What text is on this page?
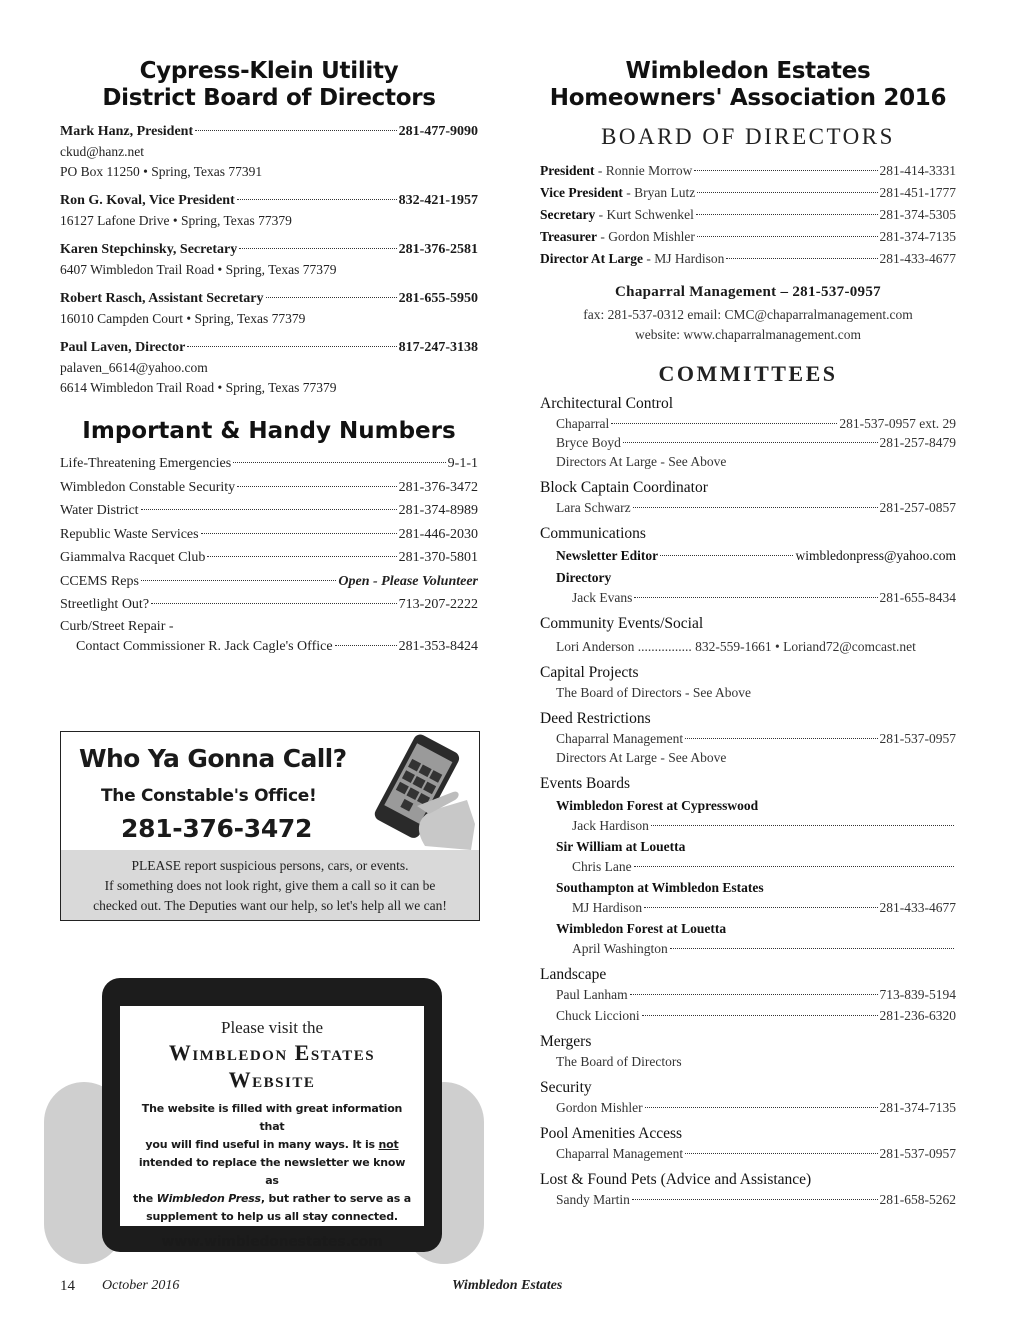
Cypress-Klein Utility
District Board of Directors
Mark Hanz, President	281-477-9090
ckud@hanz.net
PO Box 11250 • Spring, Texas 77391
Ron G. Koval, Vice President	832-421-1957
16127 Lafone Drive • Spring, Texas 77379
Karen Stepchinsky, Secretary	281-376-2581
6407 Wimbledon Trail Road • Spring, Texas 77379
Robert Rasch, Assistant Secretary	281-655-5950
16010 Campden Court • Spring, Texas 77379
Paul Laven, Director	817-247-3138
palaven_6614@yahoo.com
6614 Wimbledon Trail Road • Spring, Texas 77379
Important & Handy Numbers
Life-Threatening Emergencies	9-1-1
Wimbledon Constable Security	281-376-3472
Water District	281-374-8989
Republic Waste Services	281-446-2030
Giammalva Racquet Club	281-370-5801
CCEMS Reps	Open - Please Volunteer
Streetlight Out?	713-207-2222
Curb/Street Repair -
Contact Commissioner R. Jack Cagle's Office	281-353-8424
Who Ya Gonna Call?
The Constable's Office!
281-376-3472
PLEASE report suspicious persons, cars, or events.
If something does not look right, give them a call so it can be
checked out. The Deputies want our help, so let's help all we can!
Please visit the
Wimbledon Estates
Website
The website is filled with great information that
you will find useful in many ways. It is not
intended to replace the newsletter we know as
the Wimbledon Press, but rather to serve as a
supplement to help us all stay connected.
www.wimbledonestates.com
Wimbledon Estates
Homeowners' Association 2016
BOARD OF DIRECTORS
President - Ronnie Morrow	281-414-3331
Vice President - Bryan Lutz	281-451-1777
Secretary - Kurt Schwenkel	281-374-5305
Treasurer - Gordon Mishler	281-374-7135
Director At Large - MJ Hardison	281-433-4677
Chaparral Management – 281-537-0957
fax: 281-537-0312 email: CMC@chaparralmanagement.com
website: www.chaparralmanagement.com
COMMITTEES
Architectural Control
Chaparral	281-537-0957 ext. 29
Bryce Boyd	281-257-8479
Directors At Large - See Above
Block Captain Coordinator
Lara Schwarz	281-257-0857
Communications
Newsletter Editor	wimbledonpress@yahoo.com
Directory
Jack Evans	281-655-8434
Community Events/Social
Lori Anderson ................ 832-559-1661 • Loriand72@comcast.net
Capital Projects
The Board of Directors - See Above
Deed Restrictions
Chaparral Management	281-537-0957
Directors At Large - See Above
Events Boards
Wimbledon Forest at Cypresswood
Jack Hardison
Sir William at Louetta
Chris Lane
Southampton at Wimbledon Estates
MJ Hardison	281-433-4677
Wimbledon Forest at Louetta
April Washington
Landscape
Paul Lanham	713-839-5194
Chuck Liccioni	281-236-6320
Mergers
The Board of Directors
Security
Gordon Mishler	281-374-7135
Pool Amenities Access
Chaparral Management	281-537-0957
Lost & Found Pets (Advice and Assistance)
Sandy Martin	281-658-5262
14 October 2016	Wimbledon Estates
